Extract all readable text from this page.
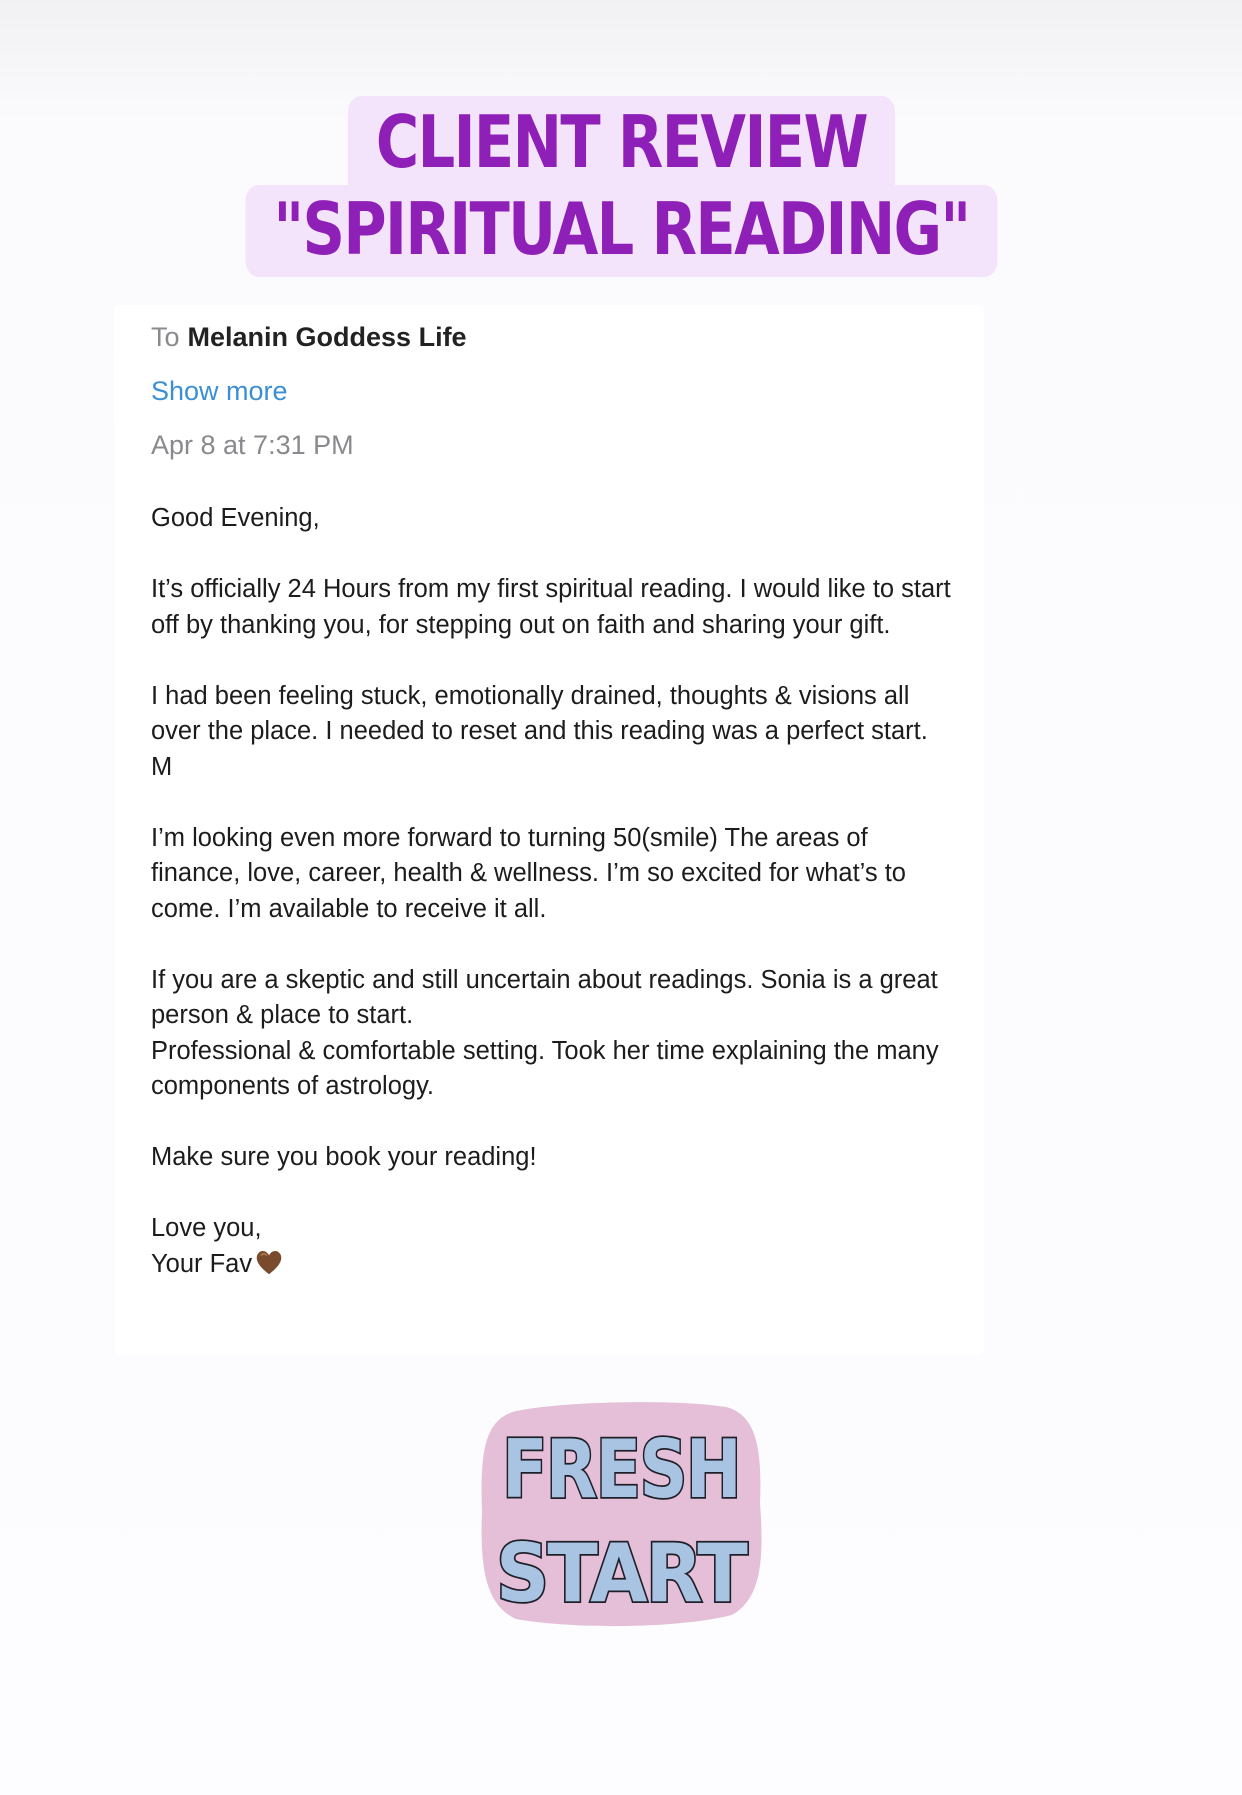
CLIENT REVIEW
"SPIRITUAL READING"
To Melanin Goddess Life
Show more
Apr 8 at 7:31 PM

Good Evening,

It’s officially 24 Hours from my first spiritual reading. I would like to start off by thanking you, for stepping out on faith and sharing your gift.

I had been feeling stuck, emotionally drained, thoughts & visions all over the place. I needed to reset and this reading was a perfect start. M

I’m looking even more forward to turning 50(smile) The areas of finance, love, career, health & wellness. I’m so excited for what’s to come. I’m available to receive it all.

If you are a skeptic and still uncertain about readings. Sonia is a great person & place to start.

Professional & comfortable setting. Took her time explaining the many components of astrology.

Make sure you book your reading!

Love you,

Your Fav

FRESH
START
